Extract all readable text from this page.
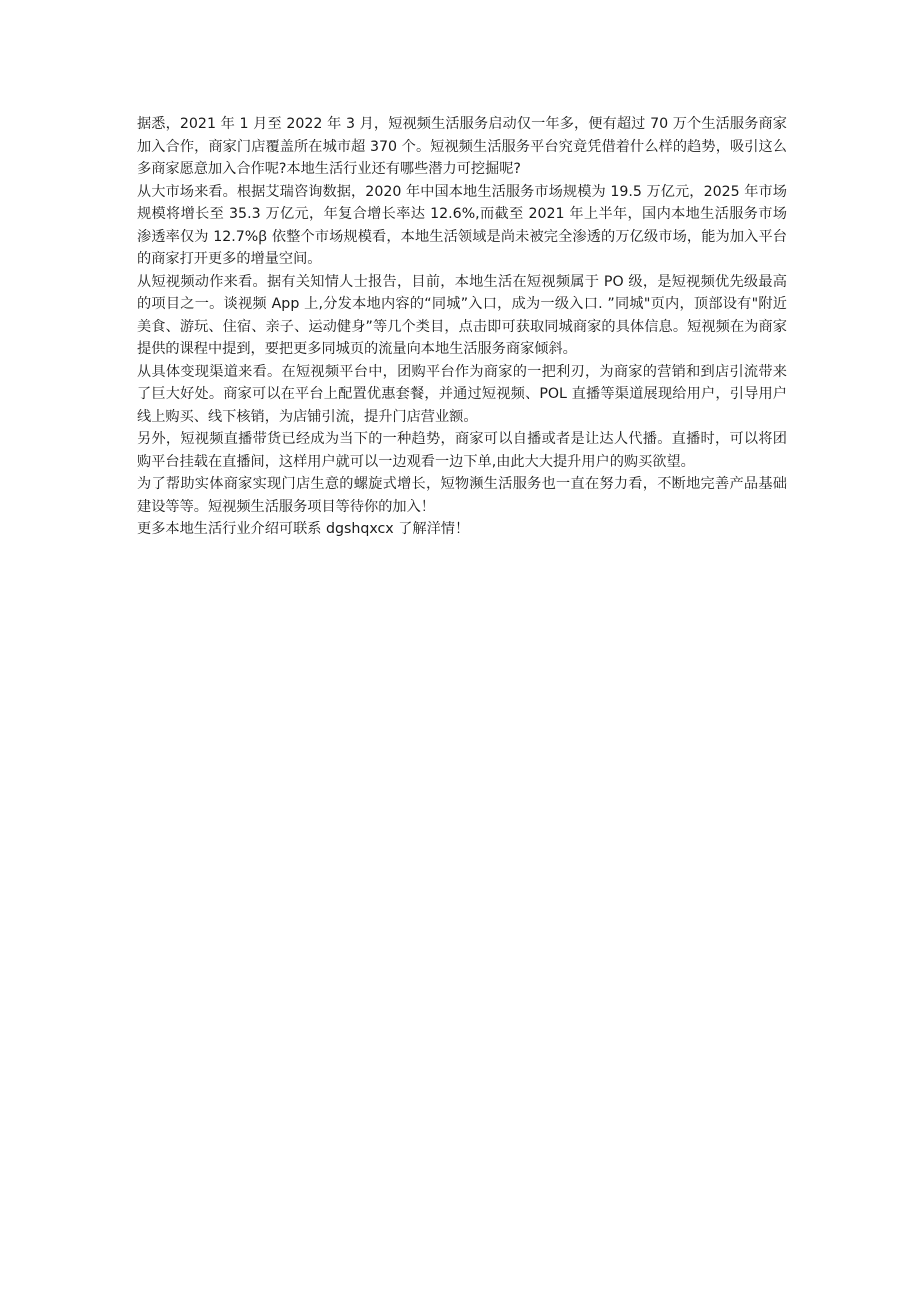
据悉，2021 年 1 月至 2022 年 3 月，短视频生活服务启动仅一年多，便有超过 70 万个生活服务商家加入合作，商家门店覆盖所在城市超 370 个。短视频生活服务平台究竟凭借着什么样的趋势，吸引这么多商家愿意加入合作呢?本地生活行业还有哪些潜力可挖掘呢?

从大市场来看。根据艾瑞咨询数据，2020 年中国本地生活服务市场规模为 19.5 万亿元，2025 年市场规模将增长至 35.3 万亿元，年复合增长率达 12.6%,而截至 2021 年上半年，国内本地生活服务市场渗透率仅为 12.7%ꞵ 依整个市场规模看，本地生活领域是尚未被完全渗透的万亿级市场，能为加入平台的商家打开更多的增量空间。

从短视频动作来看。据有关知情人士报告，目前，本地生活在短视频属于 PO 级，是短视频优先级最高的项目之一。谈视频 App 上,分发本地内容的“同城”入口，成为一级入口. ”同城"页内，顶部设有"附近美食、游玩、住宿、亲子、运动健身”等几个类目，点击即可获取同城商家的具体信息。短视频在为商家提供的课程中提到，要把更多同城页的流量向本地生活服务商家倾斜。

从具体变现渠道来看。在短视频平台中，团购平台作为商家的一把利刃，为商家的营销和到店引流带来了巨大好处。商家可以在平台上配置优惠套餐，并通过短视频、POL 直播等渠道展现给用户，引导用户线上购买、线下核销，为店铺引流，提升门店营业额。

另外，短视频直播带货已经成为当下的一种趋势，商家可以自播或者是让达人代播。直播时，可以将团购平台挂载在直播间，这样用户就可以一边观看一边下单,由此大大提升用户的购买欲望。

为了帮助实体商家实现门店生意的螺旋式增长，短物濒生活服务也一直在努力看，不断地完善产品基础建设等等。短视频生活服务项目等待你的加入！

更多本地生活行业介绍可联系 dgshqxcx 了解洋情！
